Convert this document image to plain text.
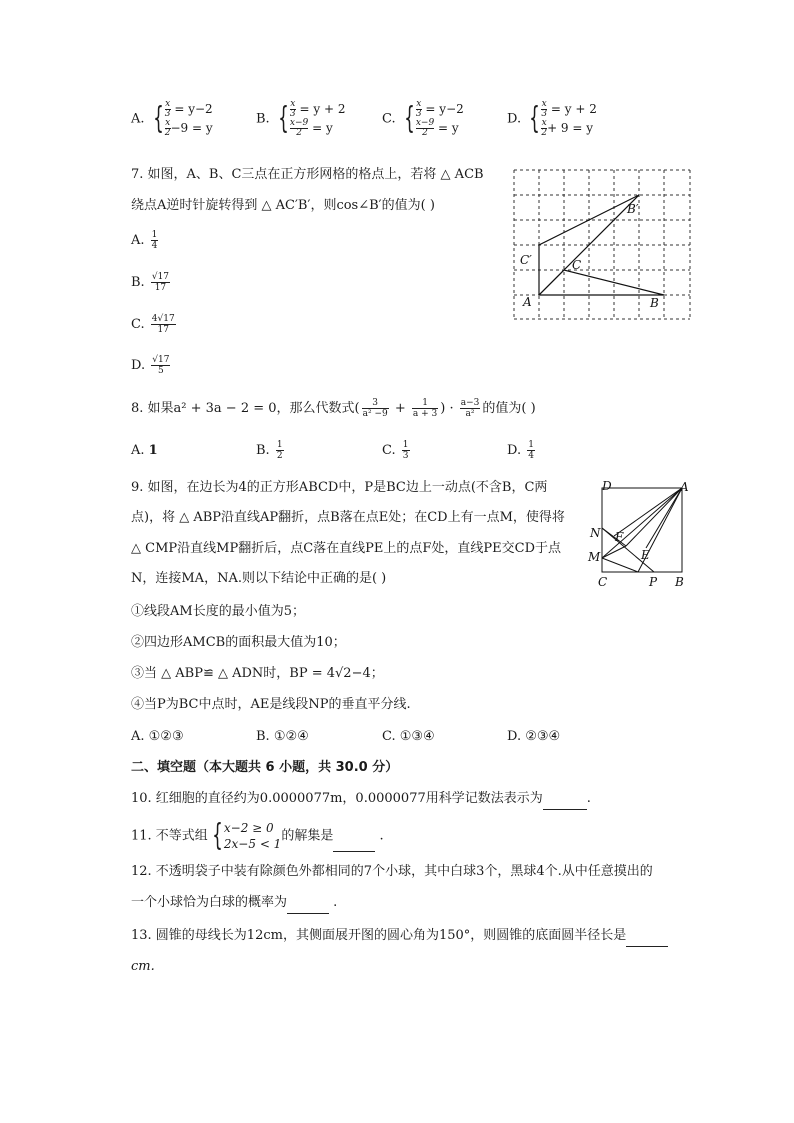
A. { $\frac{x}{3} = y-2$

$\frac{x}{2} -9 = y$
B. { $\frac{x}{3} = y + 2$

$\frac{x-9}{2} = y$
C. { $\frac{x}{3} = y-2$

$\frac{x-9}{2} = y$
D. { $\frac{x}{3} = y + 2$

$\frac{x}{2} + 9 = y$
7. 如图，A、B、C三点在正方形网格的格点上，若将 △ ACB
绕点A逆时针旋转得到 △ AC′B′，则cos∠B′的值为( )
A. $\frac{1}{4}$
B. $\frac{√17}{17}$
C. $\frac{4√17}{17}$
D. $\frac{√17}{5}$
A	B
C
C′
B′
8. 如果a² + 3a − 2 = 0，那么代数式( $\frac{3}{\text{a² −9}} + \frac{1}{a + 3}$ ) · $\frac{a-3}{\text{a²}}$ 的值为( )
A. 1	B. $\frac{1}{2}$	C. $\frac{1}{3}$	D. $\frac{1}{4}$
9. 如图，在边长为4的正方形ABCD中，P是BC边上一动点(不含B，C两
点)，将 △ ABP沿直线AP翻折，点B落在点E处；在CD上有一点M，使得将
△ CMP沿直线MP翻折后，点C落在直线PE上的点F处，直线PE交CD于点
N，连接MA，NA.则以下结论中正确的是( )
①线段AM长度的最小值为5；
②四边形AMCB的面积最大值为10；
③当 △ ABP≌ △ ADN时，BP = 4√2−4；
④当P为BC中点时，AE是线段NP的垂直平分线.
A. ①②③	B. ①②④	C. ①③④	D. ②③④
D	A
N F
M	E
C	P B
二、填空题（本大题共 6 小题，共 30.0 分）
10. 红细胞的直径约为0.0000077m，0.0000077用科学记数法表示为	.
11. 不等式组 { x−2 ≥ 0
2x−5 < 1
的解集是	.
12. 不透明袋子中装有除颜色外都相同的7个小球，其中白球3个，黑球4个.从中任意摸出的
一个小球恰为白球的概率为	.
13. 圆锥的母线长为12cm，其侧面展开图的圆心角为150°，则圆锥的底面圆半径长是
cm.
